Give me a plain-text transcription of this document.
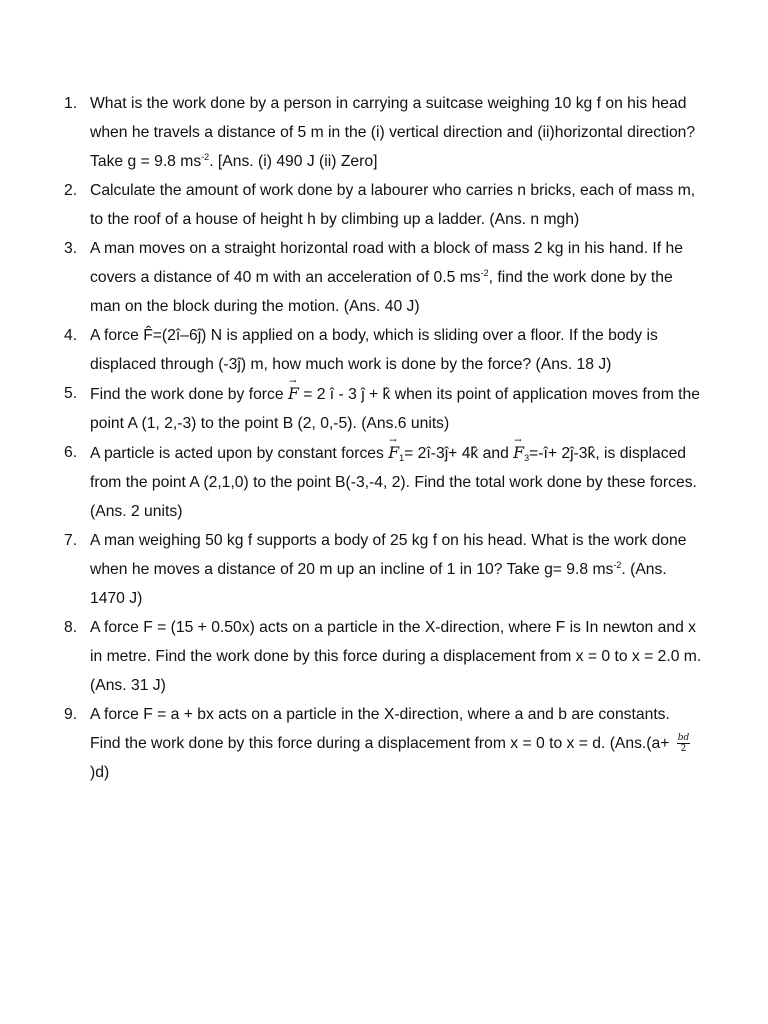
1. What is the work done by a person in carrying a suitcase weighing 10 kg f on his head when he travels a distance of 5 m in the (i) vertical direction and (ii)horizontal direction? Take g = 9.8 $ms^{-2}$. [Ans. (i) 490 J (ii) Zero]
2. Calculate the amount of work done by a labourer who carries n bricks, each of mass m, to the roof of a house of height h by climbing up a ladder. (Ans. n mgh)
3. A man moves on a straight horizontal road with a block of mass 2 kg in his hand. If he covers a distance of 40 m with an acceleration of 0.5 $ms^{-2}$, find the work done by the man on the block during the motion. (Ans. 40 J)
4. A force F̂=(2î–6ĵ) N is applied on a body, which is sliding over a floor. If the body is displaced through (-3ĵ) m, how much work is done by the force? (Ans. 18 J)
5. Find the work done by force → F = 2 î - 3 ĵ + k̂ when its point of application moves from the point A (1, 2,-3) to the point B (2, 0,-5). (Ans.6 units)
6. A particle is acted upon by constant forces → $F_1=$ 2î-3ĵ+ 4k̂ and → $F_3=-î+$ 2ĵ-3k̂, is displaced from the point A (2,1,0) to the point B(-3,-4, 2). Find the total work done by these forces. (Ans. 2 units)
7. A man weighing 50 kg f supports a body of 25 kg f on his head. What is the work done when he moves a distance of 20 m up an incline of 1 in 10? Take g= 9.8 $ms^{-2}$. (Ans. 1470 J)
8. A force F = (15 + 0.50x) acts on a particle in the X-direction, where F is In newton and x in metre. Find the work done by this force during a displacement from x = 0 to x = 2.0 m. (Ans. 31 J)
9. A force F = a + bx acts on a particle in the X-direction, where a and b are constants. Find the work done by this force during a displacement from x = 0 to x = d. ($Ans.(a+ \frac{bd}{2}$
)d)
